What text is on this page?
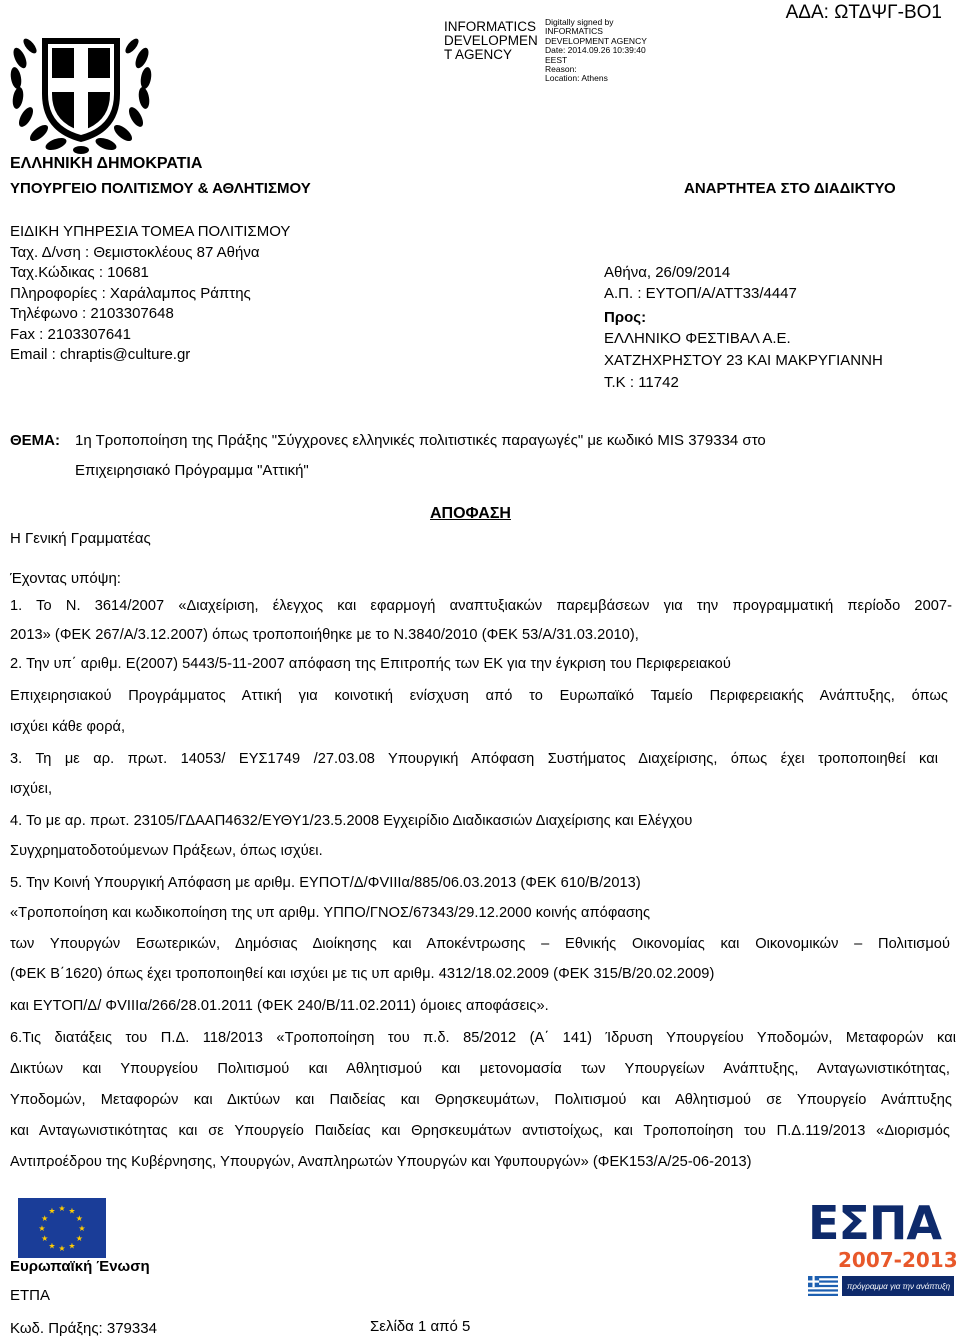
INFORMATICS DEVELOPMEN T AGENCY
Digitally signed by
INFORMATICS
DEVELOPMENT AGENCY
Date: 2014.09.26 10:39:40
EEST
Reason:
Location: Athens
ΑΔΑ: ΩΤΔΨΓ-ΒΟ1
ΕΛΛΗΝΙΚΗ ΔΗΜΟΚΡΑΤΙΑ
ΥΠΟΥΡΓΕΙΟ ΠΟΛΙΤΙΣΜΟΥ & ΑΘΛΗΤΙΣΜΟΥ	ΑΝΑΡΤΗΤΕΑ ΣΤΟ ΔΙΑΔΙΚΤΥΟ
ΕΙΔΙΚΗ ΥΠΗΡΕΣΙΑ ΤΟΜΕΑ ΠΟΛΙΤΙΣΜΟΥ
Ταχ. Δ/νση : Θεμιστοκλέους 87 Αθήνα
Ταχ.Κώδικας : 10681
Πληροφορίες : Χαράλαμπος Ράπτης
Τηλέφωνο : 2103307648
Fax : 2103307641
Email : chraptis@culture.gr
Αθήνα, 26/09/2014
Α.Π. : ΕΥΤΟΠ/Α/ΑΤΤ33/4447
Προς:
ΕΛΛΗΝΙΚΟ ΦΕΣΤΙΒΑΛ Α.Ε.
ΧΑΤΖΗΧΡΗΣΤΟΥ 23 ΚΑΙ ΜΑΚΡΥΓΙΑΝΝΗ
Τ.Κ : 11742
ΘΕΜΑ: 1η Τροποποίηση της Πράξης "Σύγχρονες ελληνικές πολιτιστικές παραγωγές" με κωδικό MIS 379334 στο
Επιχειρησιακό Πρόγραμμα "Αττική"
ΑΠΟΦΑΣΗ
Η Γενική Γραμματέας
Έχοντας υπόψη:
1. Το Ν. 3614/2007 «Διαχείριση, έλεγχος και εφαρμογή αναπτυξιακών παρεμβάσεων για την προγραμματική περίοδο 2007-
2013» (ΦΕΚ 267/Α/3.12.2007) όπως τροποποιήθηκε με το Ν.3840/2010 (ΦΕΚ 53/Α/31.03.2010),
2. Την υπ΄ αριθμ. Ε(2007) 5443/5-11-2007 απόφαση της Επιτροπής των ΕΚ για την έγκριση του Περιφερειακού
Επιχειρησιακού Προγράμματος Αττική για κοινοτική ενίσχυση από το Ευρωπαϊκό Ταμείο Περιφερειακής Ανάπτυξης, όπως
ισχύει κάθε φορά,
3. Τη με αρ. πρωτ. 14053/ ΕΥΣ1749 /27.03.08 Υπουργική Απόφαση Συστήματος Διαχείρισης, όπως έχει τροποποιηθεί και
ισχύει,
4. Το με αρ. πρωτ. 23105/ΓΔΑΑΠ4632/ΕΥΘΥ1/23.5.2008 Εγχειρίδιο Διαδικασιών Διαχείρισης και Ελέγχου
Συγχρηματοδοτούμενων Πράξεων, όπως ισχύει.
5. Την Κοινή Υπουργική Απόφαση με αριθμ. ΕΥΠΟΤ/Δ/ΦVIIIα/885/06.03.2013 (ΦΕΚ 610/Β/2013)
«Τροποποίηση και κωδικοποίηση της υπ αριθμ. ΥΠΠΟ/ΓΝΟΣ/67343/29.12.2000 κοινής απόφασης
των Υπουργών Εσωτερικών, Δημόσιας Διοίκησης και Αποκέντρωσης – Εθνικής Οικονομίας και Οικονομικών – Πολιτισμού
(ΦΕΚ Β΄1620) όπως έχει τροποποιηθεί και ισχύει με τις υπ αριθμ. 4312/18.02.2009 (ΦΕΚ 315/Β/20.02.2009)
και ΕΥΤΟΠ/Δ/ ΦVIIIα/266/28.01.2011 (ΦΕΚ 240/Β/11.02.2011) όμοιες αποφάσεις».
6.Τις διατάξεις του Π.Δ. 118/2013 «Τροποποίηση του π.δ. 85/2012 (Α΄ 141) Ίδρυση Υπουργείου Υποδομών, Μεταφορών και
Δικτύων και Υπουργείου Πολιτισμού και Αθλητισμού και μετονομασία των Υπουργείων Ανάπτυξης, Ανταγωνιστικότητας,
Υποδομών, Μεταφορών και Δικτύων και Παιδείας και Θρησκευμάτων, Πολιτισμού και Αθλητισμού σε Υπουργείο Ανάπτυξης
και Ανταγωνιστικότητας και σε Υπουργείο Παιδείας και Θρησκευμάτων αντιστοίχως, και Τροποποίηση του Π.Δ.119/2013 «Διορισμός
Αντιπροέδρου της Κυβέρνησης, Υπουργών, Αναπληρωτών Υπουργών και Υφυπουργών» (ΦΕΚ153/Α/25-06-2013)
★ ★
★
★
★
★
★
★
★
★
★
★	ΕΣΠΑ
2007-2013
πρόγραμμα για την ανάπτυξη
Ευρωπαϊκή Ένωση
ΕΤΠΑ
Κωδ. Πράξης: 379334	Σελίδα 1 από 5
